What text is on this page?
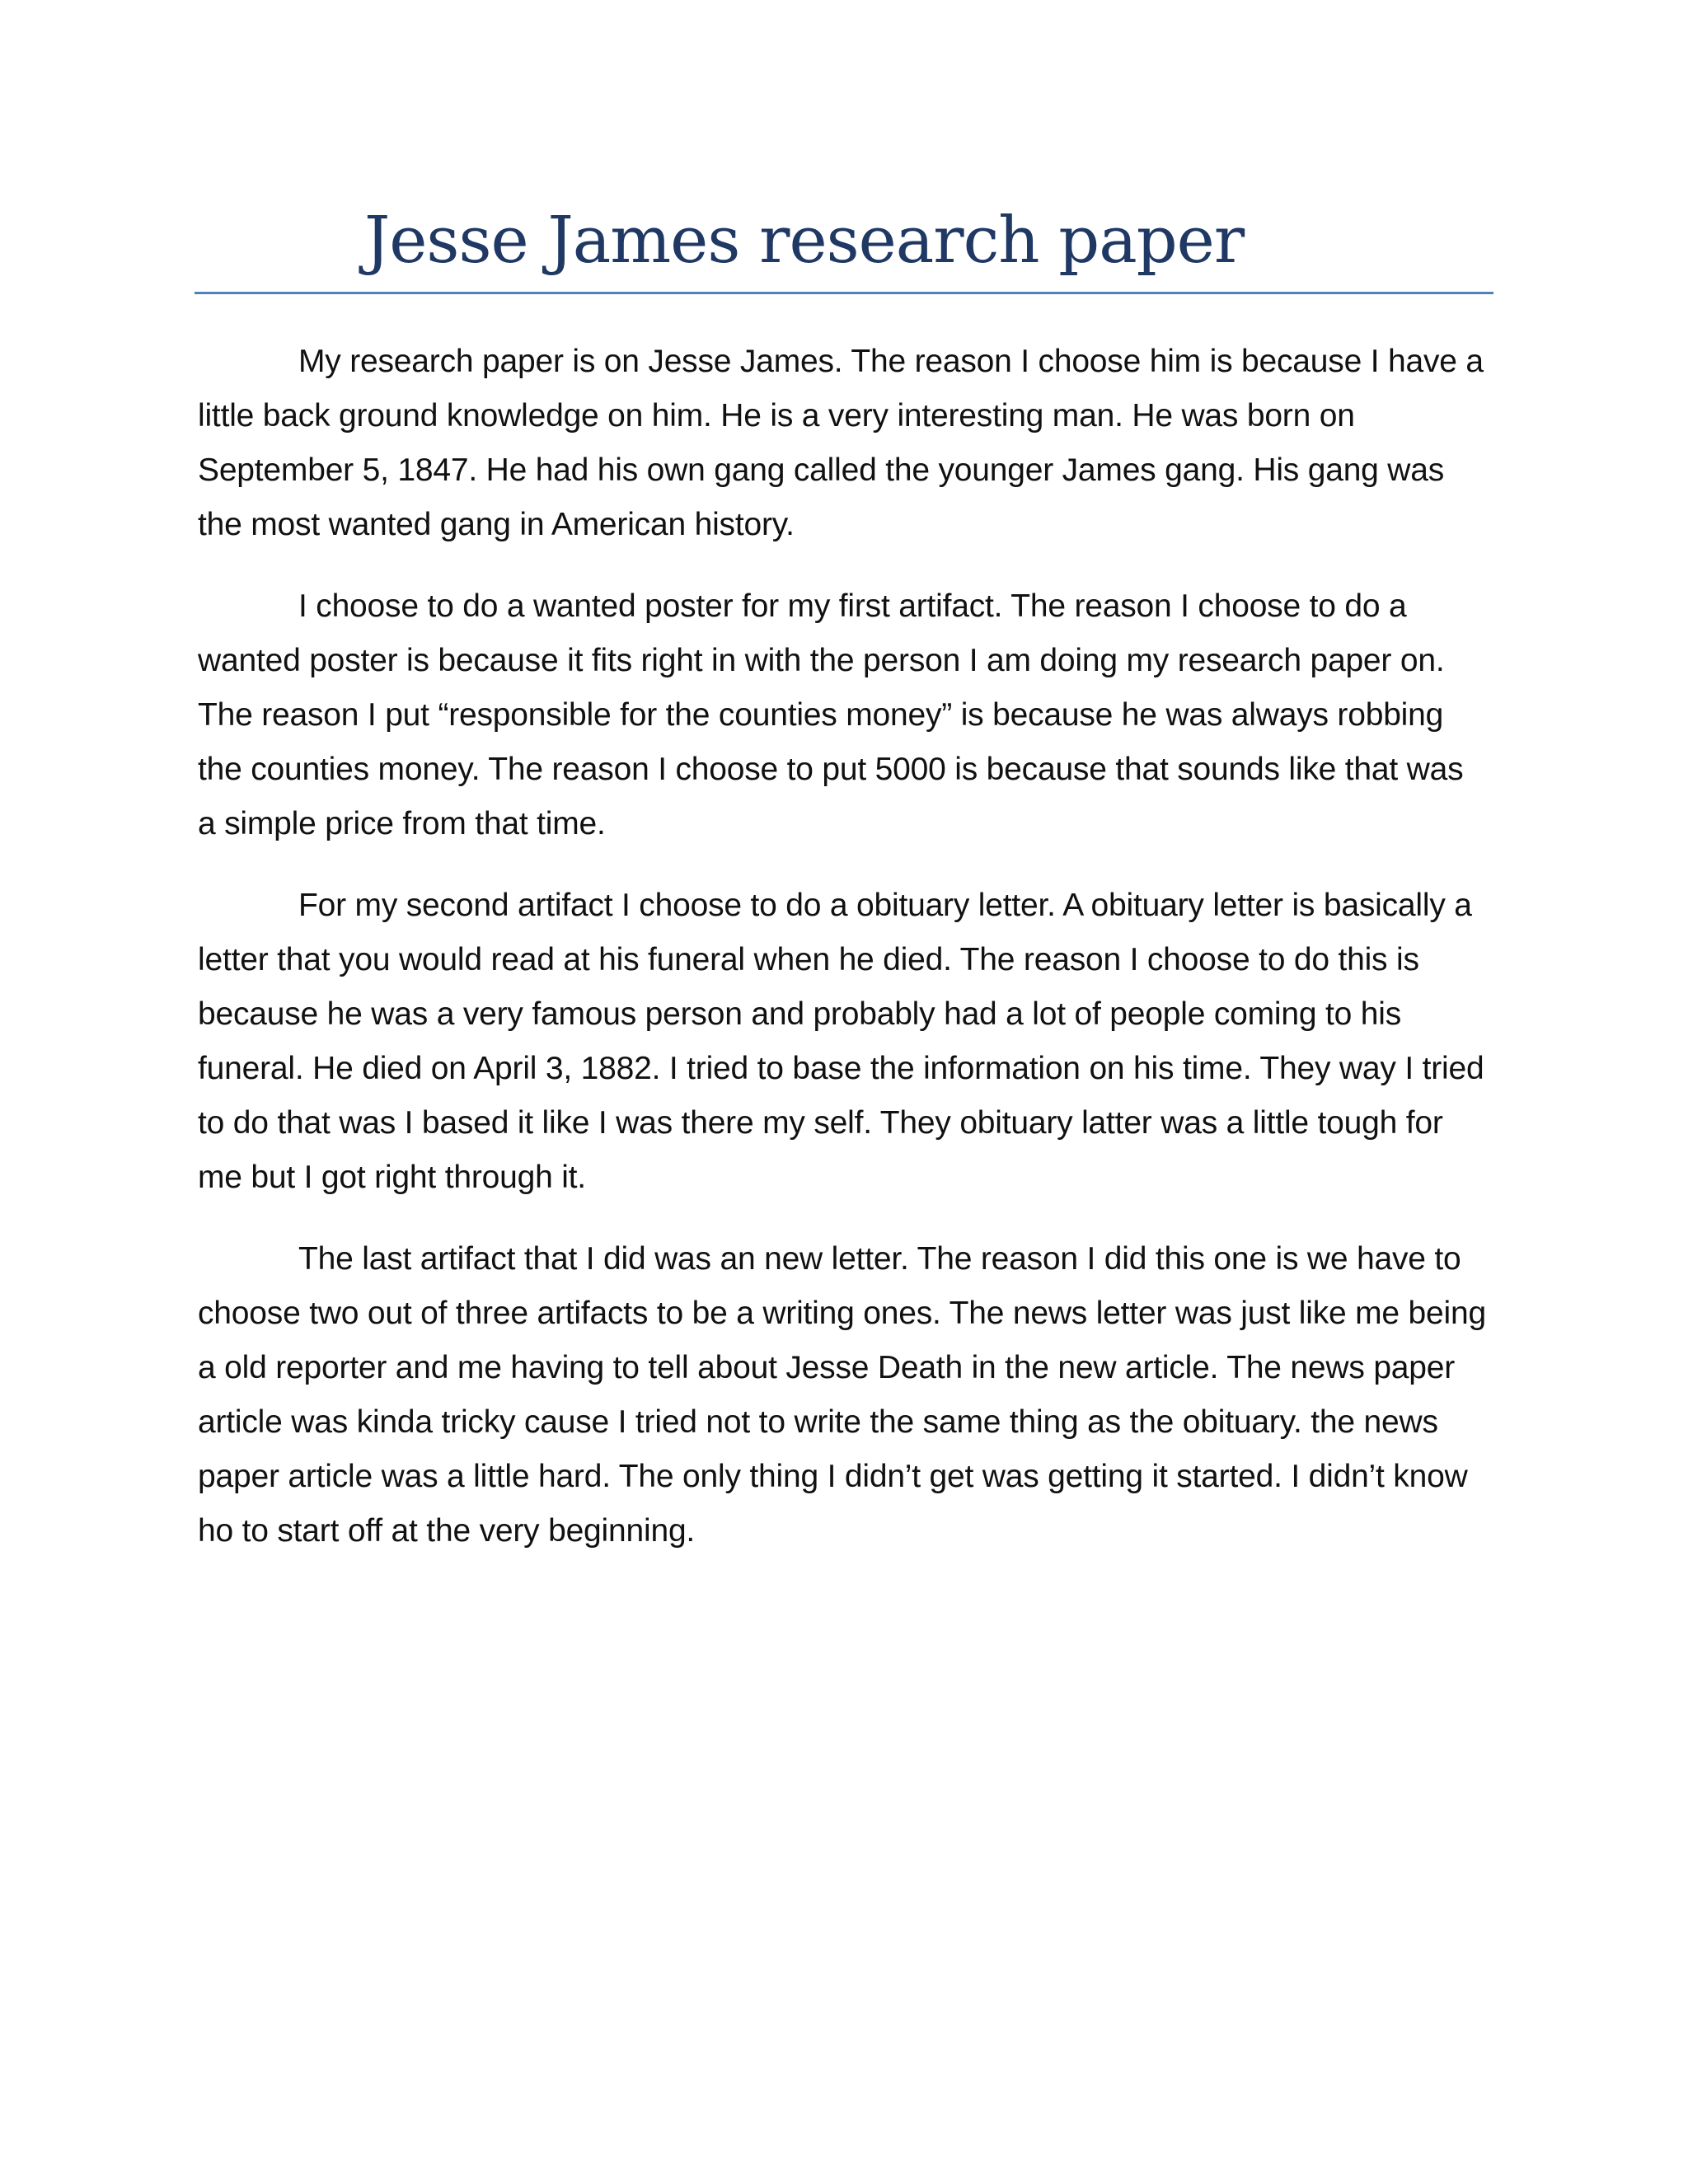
Jesse James research paper

My research paper is on Jesse James. The reason I choose him is because I have a little back ground knowledge on him. He is a very interesting man. He was born on September 5, 1847. He had his own gang called the younger James gang. His gang was the most wanted gang in American history.

I choose to do a wanted poster for my first artifact. The reason I choose to do a wanted poster is because it fits right in with the person I am doing my research paper on. The reason I put “responsible for the counties money” is because he was always robbing the counties money. The reason I choose to put 5000 is because that sounds like that was a simple price from that time.

For my second artifact I choose to do a obituary letter. A obituary letter is basically a letter that you would read at his funeral when he died. The reason I choose to do this is because he was a very famous person and probably had a lot of people coming to his funeral. He died on April 3, 1882. I tried to base the information on his time. They way I tried to do that was I based it like I was there my self. They obituary latter was a little tough for me but I got right through it.

The last artifact that I did was an new letter. The reason I did this one is we have to choose two out of three artifacts to be a writing ones. The news letter was just like me being a old reporter and me having to tell about Jesse Death in the new article. The news paper article was kinda tricky cause I tried not to write the same thing as the obituary. the news paper article was a little hard. The only thing I didn’t get was getting it started. I didn’t know ho to start off at the very beginning.
